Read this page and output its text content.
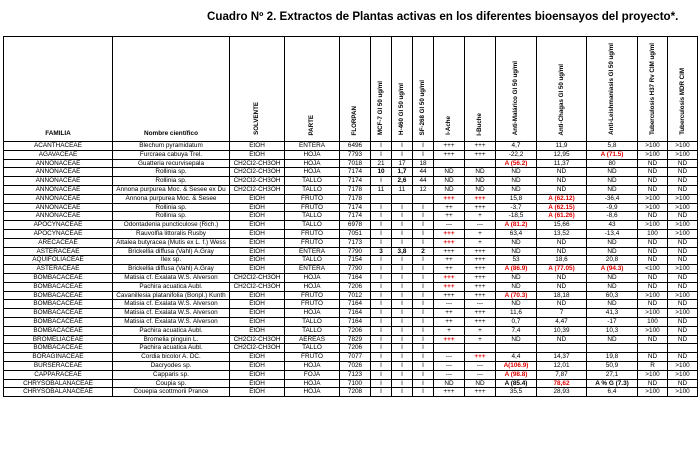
Cuadro Nº 2. Extractos de Plantas activas en los diferentes bioensayos del proyecto*.
FAMILIA	Nombre científico	SOLVENTE	PARTE	FLORPAN	MCF-7 GI 50 ug/ml	H-460 GI 50 ug/ml	SF-268 GI 50 ug/ml	I-Ache	I-Buche	Anti-Malárico GI 50 ug/ml	Anti-Chagas GI 50 ug/ml	Anti-Leishmaniasis GI 50 ug/ml	Tuberculosis H37 Rv CIM ug/ml	Tuberculosis MDR CIM
ACANTHACEAE	Blechum pyramidatum	EtOH	ENTERA	6496	I	I	I	+++	+++	4,7	11,9	5,8	>100	>100
AGAVACEAE	Furcraea cabuya Trel.	EtOH	HOJA	7793	I	I	I	+++	+++	-22,2	12,95	A (71.5)	>100	>100
ANNONACEAE	Guatteria recurvisepala	CH2Cl2-CH3OH	HOJA	7018	21	17	18			A (56.2)	11,37	80	ND	ND
ANNONACEAE	Rollinia sp.	CH2Cl2-CH3OH	HOJA	7174	10	1,7	44	ND	ND	ND	ND	ND	ND	ND
ANNONACEAE	Rollinia sp.	CH2Cl2-CH3OH	TALLO	7174	I	2,6	44	ND	ND	ND	ND	ND	ND	ND
ANNONACEAE	Annona purpurea Moc. & Sesee ex Du	CH2Cl2-CH3OH	TALLO	7178	11	11	12	ND	ND	ND	ND	ND	ND	ND
ANNONACEAE	Annona purpurea Moc. & Sesee	EtOH	FRUTO	7178				+++	+++	15,8	A (62.12)	-36,4	>100	>100
ANNONACEAE	Rollinia sp.	EtOH	FRUTO	7174	I	I	I	++	+++	-3,7	A (62.15)	-9,9	>100	>100
ANNONACEAE	Rollinia sp.	EtOH	TALLO	7174	I	I	I	++	+	-18,5	A (61.26)	-8,6	ND	ND
APOCYNACEAE	Odontadenia puncticulose (Rich.)	EtOH	TALLO	6978	I	I	I	---	---	A (81.2)	15,66	43	>100	>100
APOCYNACEAE	Rauvolfia littoralis Rusby	EtOH	FRUTO	7051	I	I	I	+++	+	63,4	13,52	-13,4	100	>100
ARECACEAE	Attalea butyracea (Mutis ex L. f.) Wess	EtOH	FRUTO	7173	I	I	I	+++	+	ND	ND	ND	ND	ND
ASTERACEAE	Brickellia diffusa (Vahl) A.Gray	EtOH	ENTERA	7790	3	3,8	2	+++	+++	ND	ND	ND	ND	ND
AQUIFOLIACEAE	Ilex sp.	EtOH	TALLO	7154	I	I	I	++	+++	53	18,6	20,8	ND	ND
ASTERACEAE	Brickellia diffusa (Vahl) A.Gray	EtOH	ENTERA	7790	I	I	I	++	+++	A (86.9)	A (77.05)	A (94.3)	<100	>100
BOMBACACEAE	Matisia cf. Exalata W.S. Alverson	CH2Cl2-CH3OH	HOJA	7164	I	I	I	+++	+++	ND	ND	ND	ND	ND
BOMBACACEAE	Pachira acuatica Aubl.	CH2Cl2-CH3OH	HOJA	7206	I	I	I	+++	+++	ND	ND	ND	ND	ND
BOMBACACEAE	Cavanillesia platanifolia (Bonpl.) Kunth	EtOH	FRUTO	7012	I	I	I	+++	+++	A (70.3)	18,18	60,3	>100	>100
BOMBACACEAE	Matisia cf. Exalata W.S. Alverson	EtOH	FRUTO	7164	I	I	I	---	---	ND	ND	ND	ND	ND
BOMBACACEAE	Matisia cf. Exalata W.S. Alverson	EtOH	HOJA	7164	I	I	I	++	+++	11,6	7	41,3	>100	>100
BOMBACACEAE	Matisia cf. Exalata W.S. Alverson	EtOH	TALLO	7164	I	I	I	++	+++	0,7	4,47	-17	100	ND
BOMBACACEAE	Pachira acuatica Aubl.	EtOH	TALLO	7206	I	I	I	+	+	7,4	10,39	10,3	>100	ND
BROMELIACEAE	Bromelia pinguin L.	CH2Cl2-CH3OH	AEREAS	7829	I	I	I	+++	+	ND	ND	ND	ND	ND
BOMBACACEAE	Pachira acuatica Aubl.	CH2Cl2-CH3OH	TALLO	7206	I	I	I							
BORAGINACEAE	Cordia bicolor A. DC.	EtOH	FRUTO	7077	I	I	I	---	+++	4,4	14,37	19,8	ND	ND
BURSERACEAE	Dacryodes sp.	EtOH	HOJA	7026	I	I	I	---	---	A(106.9)	12,01	50,9	R	>100
CAPPARACEAE	Capparis sp.	EtOH	FOJA	7123	I	I	I	---	---	A (98.8)	7,87	27,1	>100	>100
CHRYSOBALANACEAE	Coupia sp.	EtOH	HOJA	7100	I	I	I	ND	ND	A (85.4)	78,62	A % G (7.3)	ND	ND
CHRYSOBALANACEAE	Couepia scottmorii Prance	EtOH	HOJA	7208	I	I	I	+++	+++	35,5	28,93	6,4	>100	>100
